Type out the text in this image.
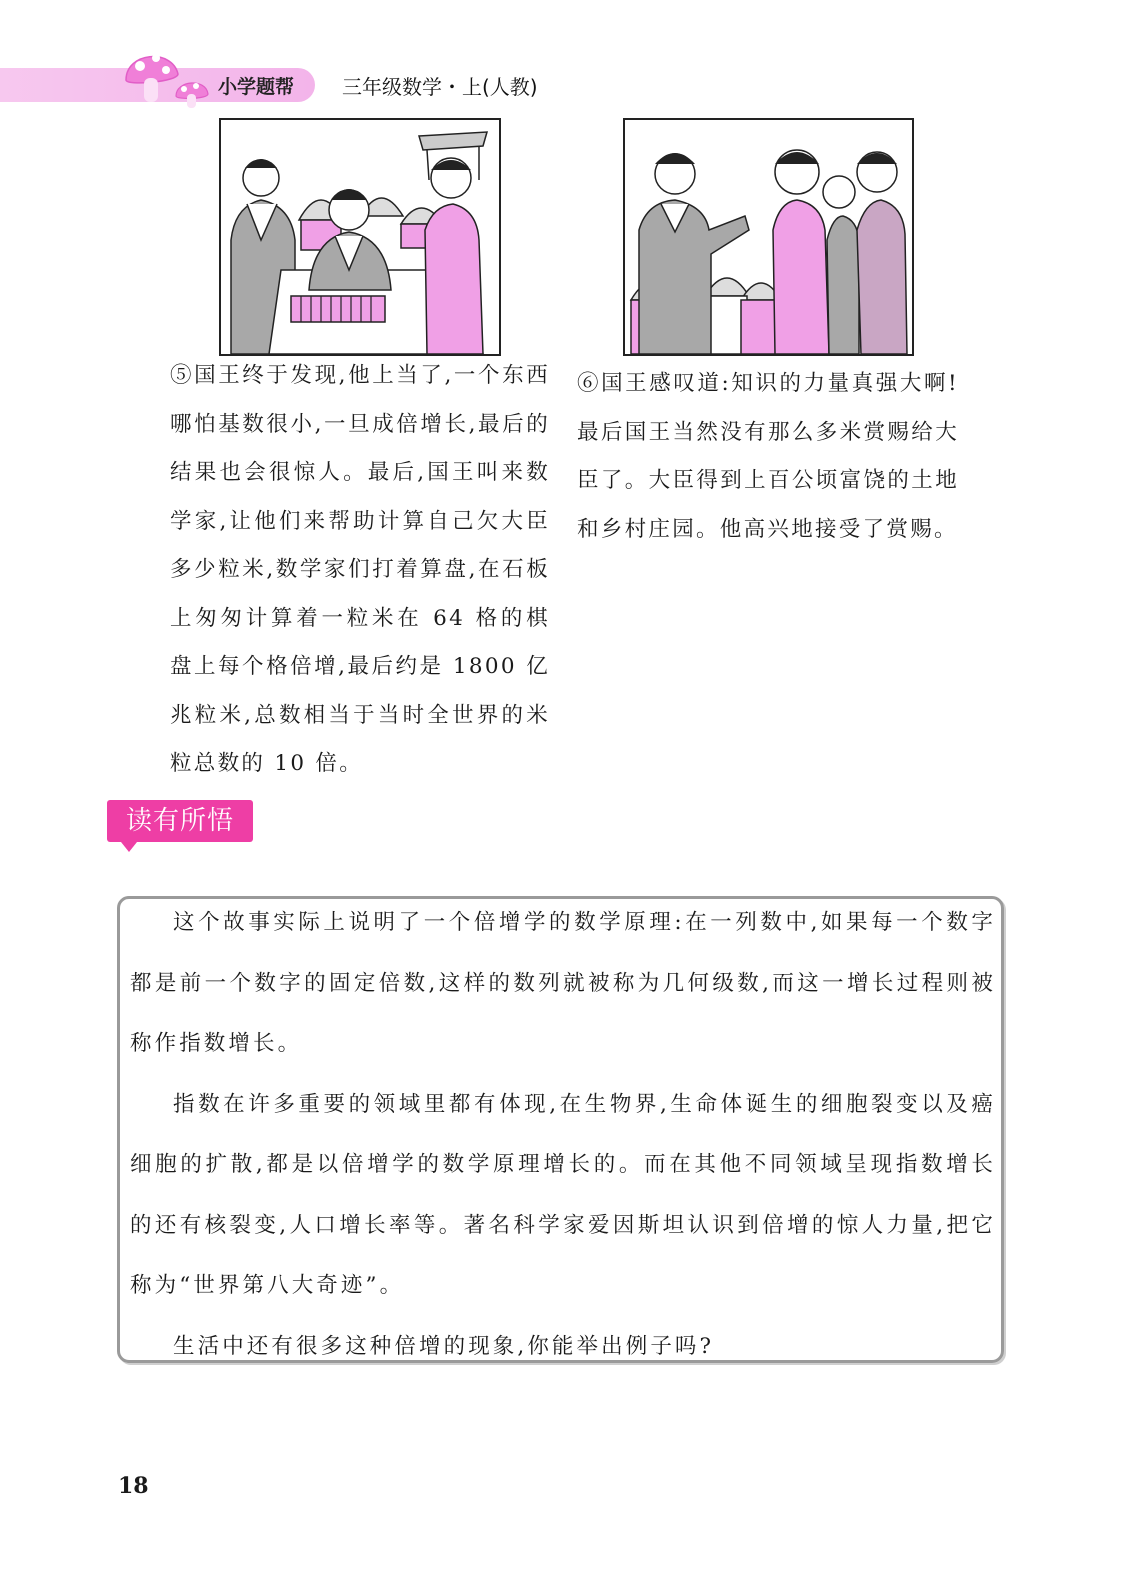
小学题帮 三年级数学・上(人教)

⑤国王终于发现,他上当了,一个东西哪怕基数很小,一旦成倍增长,最后的结果也会很惊人。最后,国王叫来数学家,让他们来帮助计算自己欠大臣多少粒米,数学家们打着算盘,在石板上匆匆计算着一粒米在 64 格的棋盘上每个格倍增,最后约是 1800 亿兆粒米,总数相当于当时全世界的米粒总数的 10 倍。

⑥国王感叹道:知识的力量真强大啊! 最后国王当然没有那么多米赏赐给大臣了。大臣得到上百公顷富饶的土地和乡村庄园。他高兴地接受了赏赐。

读有所悟

这个故事实际上说明了一个倍增学的数学原理:在一列数中,如果每一个数字都是前一个数字的固定倍数,这样的数列就被称为几何级数,而这一增长过程则被称作指数增长。

指数在许多重要的领域里都有体现,在生物界,生命体诞生的细胞裂变以及癌细胞的扩散,都是以倍增学的数学原理增长的。而在其他不同领域呈现指数增长的还有核裂变,人口增长率等。著名科学家爱因斯坦认识到倍增的惊人力量,把它称为“世界第八大奇迹”。

生活中还有很多这种倍增的现象,你能举出例子吗?

18
